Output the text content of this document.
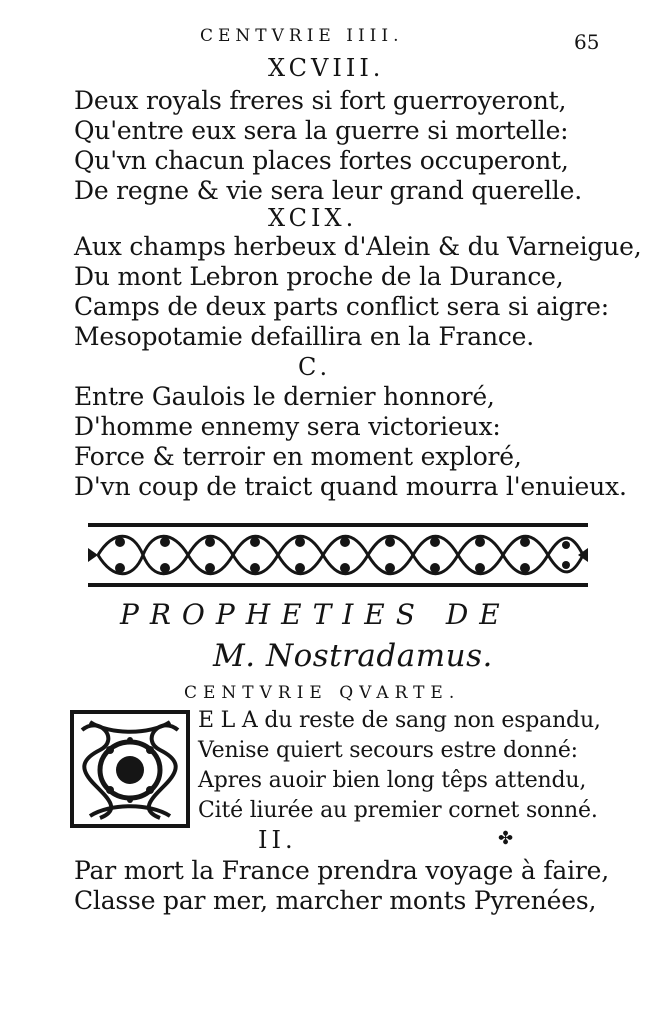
CENTVRIE IIII.	65
XCVIII.
Deux royals freres si fort guerroyeront,
Qu'entre eux sera la guerre si mortelle:
Qu'vn chacun places fortes occuperont,
De regne & vie sera leur grand querelle.
XCIX.
Aux champs herbeux d'Alein & du Varneigue,
Du mont Lebron proche de la Durance,
Camps de deux parts conflict sera si aigre:
Mesopotamie defaillira en la France.
C.
Entre Gaulois le dernier honnoré,
D'homme ennemy sera victorieux:
Force & terroir en moment exploré,
D'vn coup de traict quand mourra l'enuieux.
PROPHETIES DE
M. Nostradamus.
CENTVRIE QVARTE.
E L A du reste de sang non espandu,
Venise quiert secours estre donné:
Apres auoir bien long têps attendu,
Cité liurée au premier cornet sonné.
II.	✤
Par mort la France prendra voyage à faire,
Classe par mer, marcher monts Pyrenées,
